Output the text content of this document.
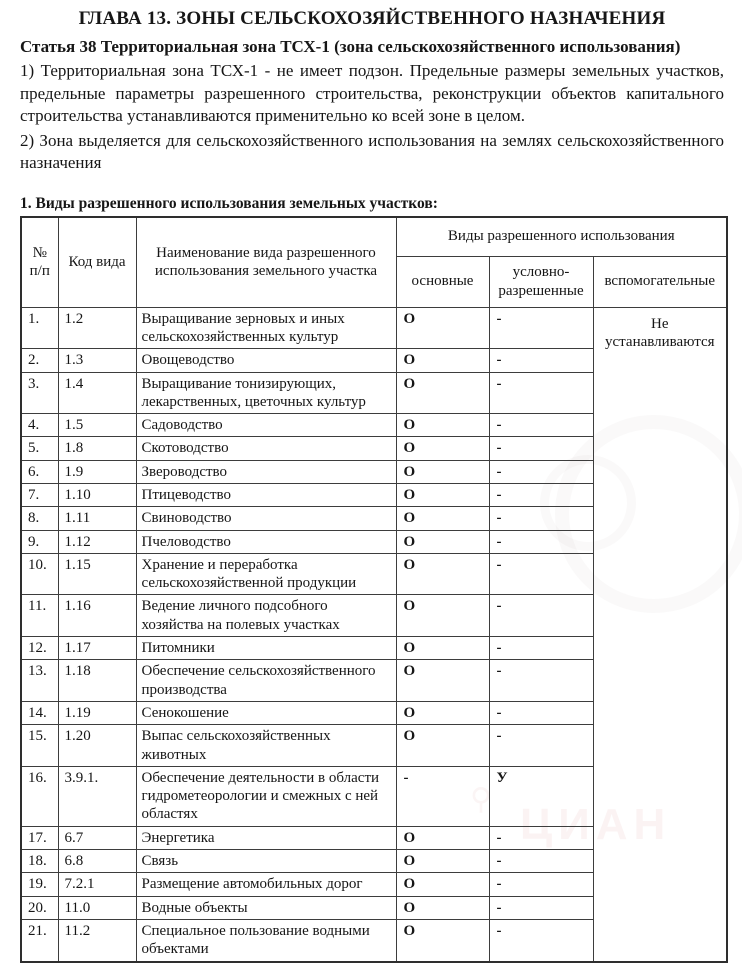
⚲
ЦИАН
ГЛАВА 13. ЗОНЫ СЕЛЬСКОХОЗЯЙСТВЕННОГО НАЗНАЧЕНИЯ

Статья 38 Территориальная зона ТСХ-1 (зона сельскохозяйственного использования)

1) Территориальная зона ТСХ-1 - не имеет подзон. Предельные размеры земельных участков, предельные параметры разрешенного строительства, реконструкции объектов капитального строительства устанавливаются применительно ко всей зоне в целом.

2) Зона выделяется для сельскохозяйственного использования на землях сельскохозяйственного назначения

1. Виды разрешенного использования земельных участков:
№ п/п	Код вида	Наименование вида разрешенного использования земельного участка	Виды разрешенного использования		
			основные	условно-разрешенные	вспомогательные
1.	1.2	Выращивание зерновых и иных сельскохозяйственных культур	О	-	Не устанавливаются
2.	1.3	Овощеводство	О	-	
3.	1.4	Выращивание тонизирующих, лекарственных, цветочных культур	О	-	
4.	1.5	Садоводство	О	-	
5.	1.8	Скотоводство	О	-	
6.	1.9	Звероводство	О	-	
7.	1.10	Птицеводство	О	-	
8.	1.11	Свиноводство	О	-	
9.	1.12	Пчеловодство	О	-	
10.	1.15	Хранение и переработка сельскохозяйственной продукции	О	-	
11.	1.16	Ведение личного подсобного хозяйства на полевых участках	О	-	
12.	1.17	Питомники	О	-	
13.	1.18	Обеспечение сельскохозяйственного производства	О	-	
14.	1.19	Сенокошение	О	-	
15.	1.20	Выпас сельскохозяйственных животных	О	-	
16.	3.9.1.	Обеспечение деятельности в области гидрометеорологии и смежных с ней областях	-	У	
17.	6.7	Энергетика	О	-	
18.	6.8	Связь	О	-	
19.	7.2.1	Размещение автомобильных дорог	О	-	
20.	11.0	Водные объекты	О	-	
21.	11.2	Специальное пользование водными объектами	О	-	
